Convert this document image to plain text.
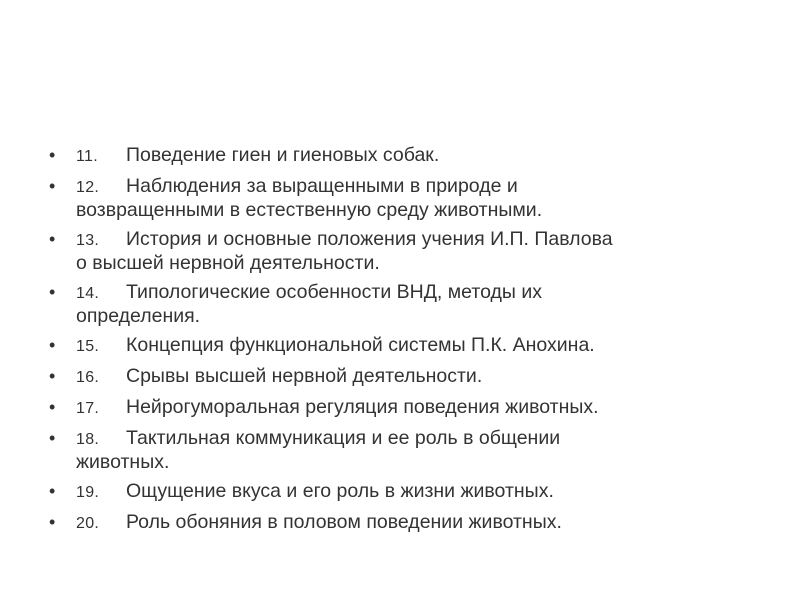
• 11. Поведение гиен и гиеновых собак.
• 12. Наблюдения за выращенными в природе и
возвращенными в естественную среду животными.
• 13. История и основные положения учения И.П. Павлова
о высшей нервной деятельности.
• 14. Типологические особенности ВНД, методы их
определения.
• 15. Концепция функциональной системы П.К. Анохина.
• 16. Срывы высшей нервной деятельности.
• 17. Нейрогуморальная регуляция поведения животных.
• 18. Тактильная коммуникация и ее роль в общении
животных.
• 19. Ощущение вкуса и его роль в жизни животных.
• 20. Роль обоняния в половом поведении животных.
